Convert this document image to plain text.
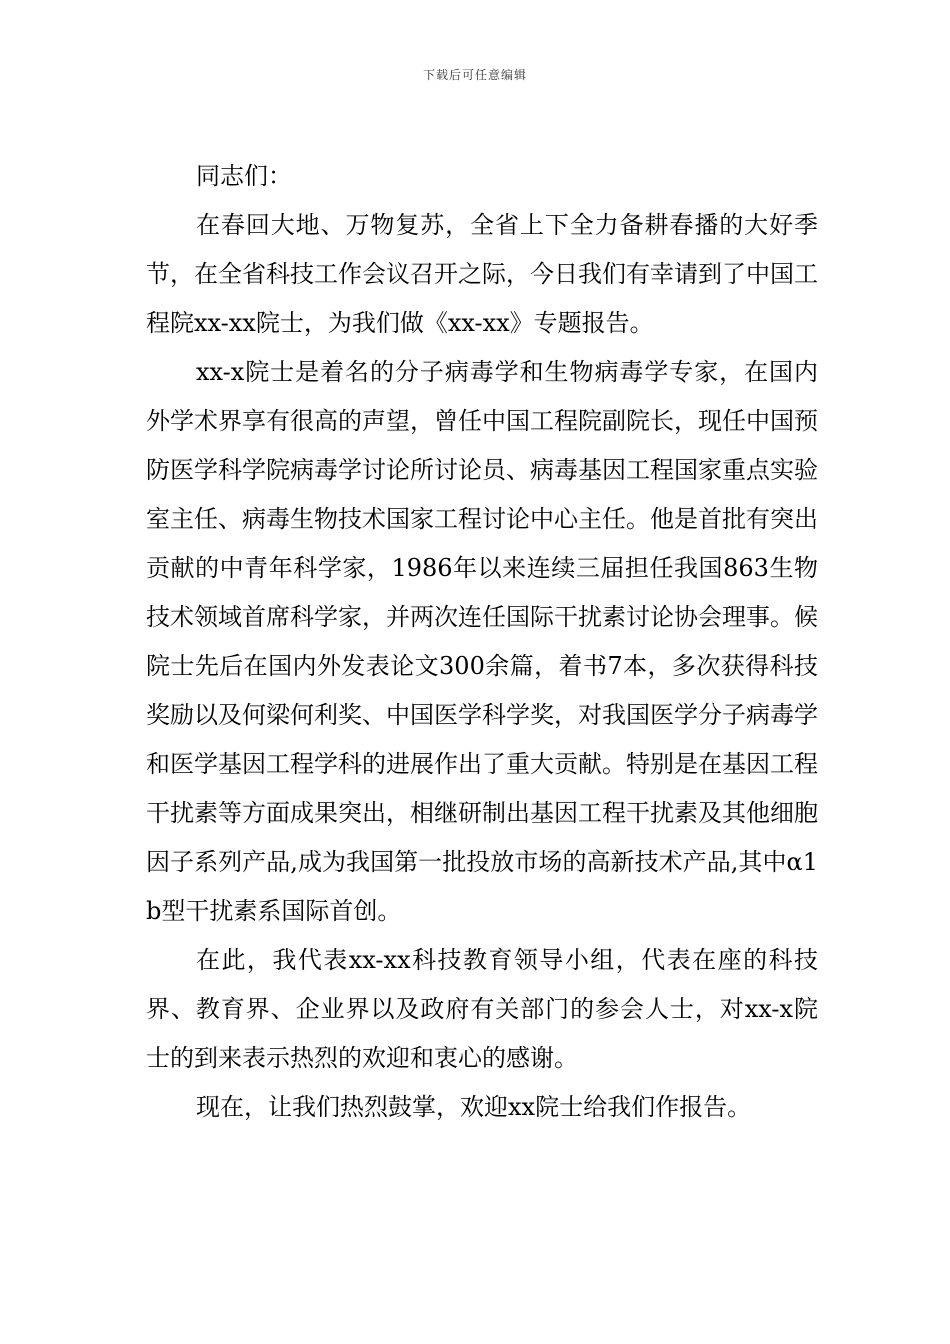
下载后可任意编辑

同志们：

在春回大地、万物复苏，全省上下全力备耕春播的大好季节，在全省科技工作会议召开之际，今日我们有幸请到了中国工程院xx-xx院士，为我们做《xx-xx》专题报告。

xx-x院士是着名的分子病毒学和生物病毒学专家，在国内外学术界享有很高的声望，曾任中国工程院副院长，现任中国预防医学科学院病毒学讨论所讨论员、病毒基因工程国家重点实验室主任、病毒生物技术国家工程讨论中心主任。他是首批有突出贡献的中青年科学家，1986年以来连续三届担任我国863生物技术领域首席科学家，并两次连任国际干扰素讨论协会理事。候院士先后在国内外发表论文300余篇，着书7本，多次获得科技奖励以及何梁何利奖、中国医学科学奖，对我国医学分子病毒学和医学基因工程学科的进展作出了重大贡献。特别是在基因工程干扰素等方面成果突出，相继研制出基因工程干扰素及其他细胞因子系列产品,成为我国第一批投放市场的高新技术产品,其中α1b型干扰素系国际首创。

在此，我代表xx-xx科技教育领导小组，代表在座的科技界、教育界、企业界以及政府有关部门的参会人士，对xx-x院士的到来表示热烈的欢迎和衷心的感谢。

现在，让我们热烈鼓掌，欢迎xx院士给我们作报告。
